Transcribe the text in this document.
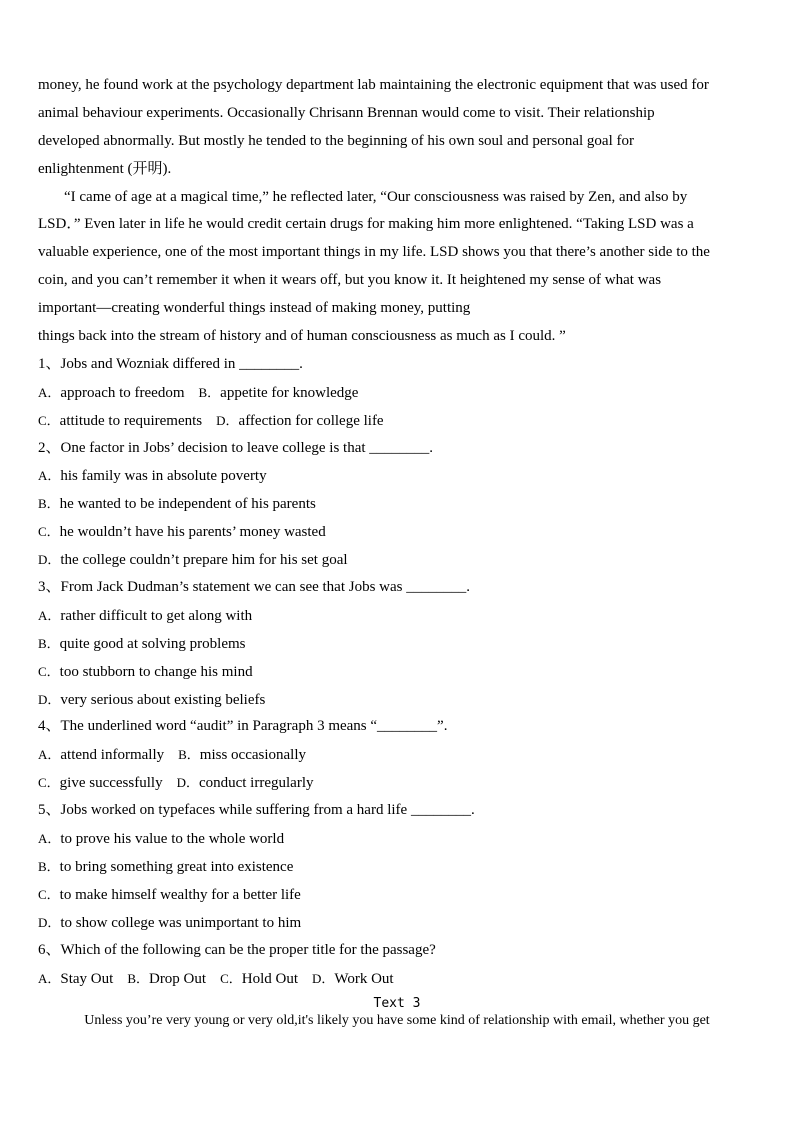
money, he found work at the psychology department lab maintaining the electronic equipment that was used for
animal behaviour experiments. Occasionally Chrisann Brennan would come to visit. Their relationship
developed abnormally. But mostly he tended to the beginning of his own soul and personal goal for
enlightenment (开明).
“I came of age at a magical time,” he reflected later, “Our consciousness was raised by Zen, and also by
LSD．” Even later in life he would credit certain drugs for making him more enlightened. “Taking LSD was a
valuable experience, one of the most important things in my life. LSD shows you that there’s another side to the
coin, and you can’t remember it when it wears off, but you know it. It heightened my sense of what was
important—creating wonderful things instead of making money, putting
things back into the stream of history and of human consciousness as much as I could. ”
1、Jobs and Wozniak differed in ________.
A．approach to freedom B．appetite for knowledge
C．attitude to requirements D．affection for college life
2、One factor in Jobs’ decision to leave college is that ________.
A．his family was in absolute poverty
B．he wanted to be independent of his parents
C．he wouldn’t have his parents’ money wasted
D．the college couldn’t prepare him for his set goal
3、From Jack Dudman’s statement we can see that Jobs was ________.
A．rather difficult to get along with
B．quite good at solving problems
C．too stubborn to change his mind
D．very serious about existing beliefs
4、The underlined word “audit” in Paragraph 3 means “________”.
A．attend informally B．miss occasionally
C．give successfully D．conduct irregularly
5、Jobs worked on typefaces while suffering from a hard life ________.
A．to prove his value to the whole world
B．to bring something great into existence
C．to make himself wealthy for a better life
D．to show college was unimportant to him
6、Which of the following can be the proper title for the passage?
A．Stay Out B．Drop Out C．Hold Out D．Work Out
Text 3
Unless you’re very young or very old,it's likely you have some kind of relationship with email, whether you get
